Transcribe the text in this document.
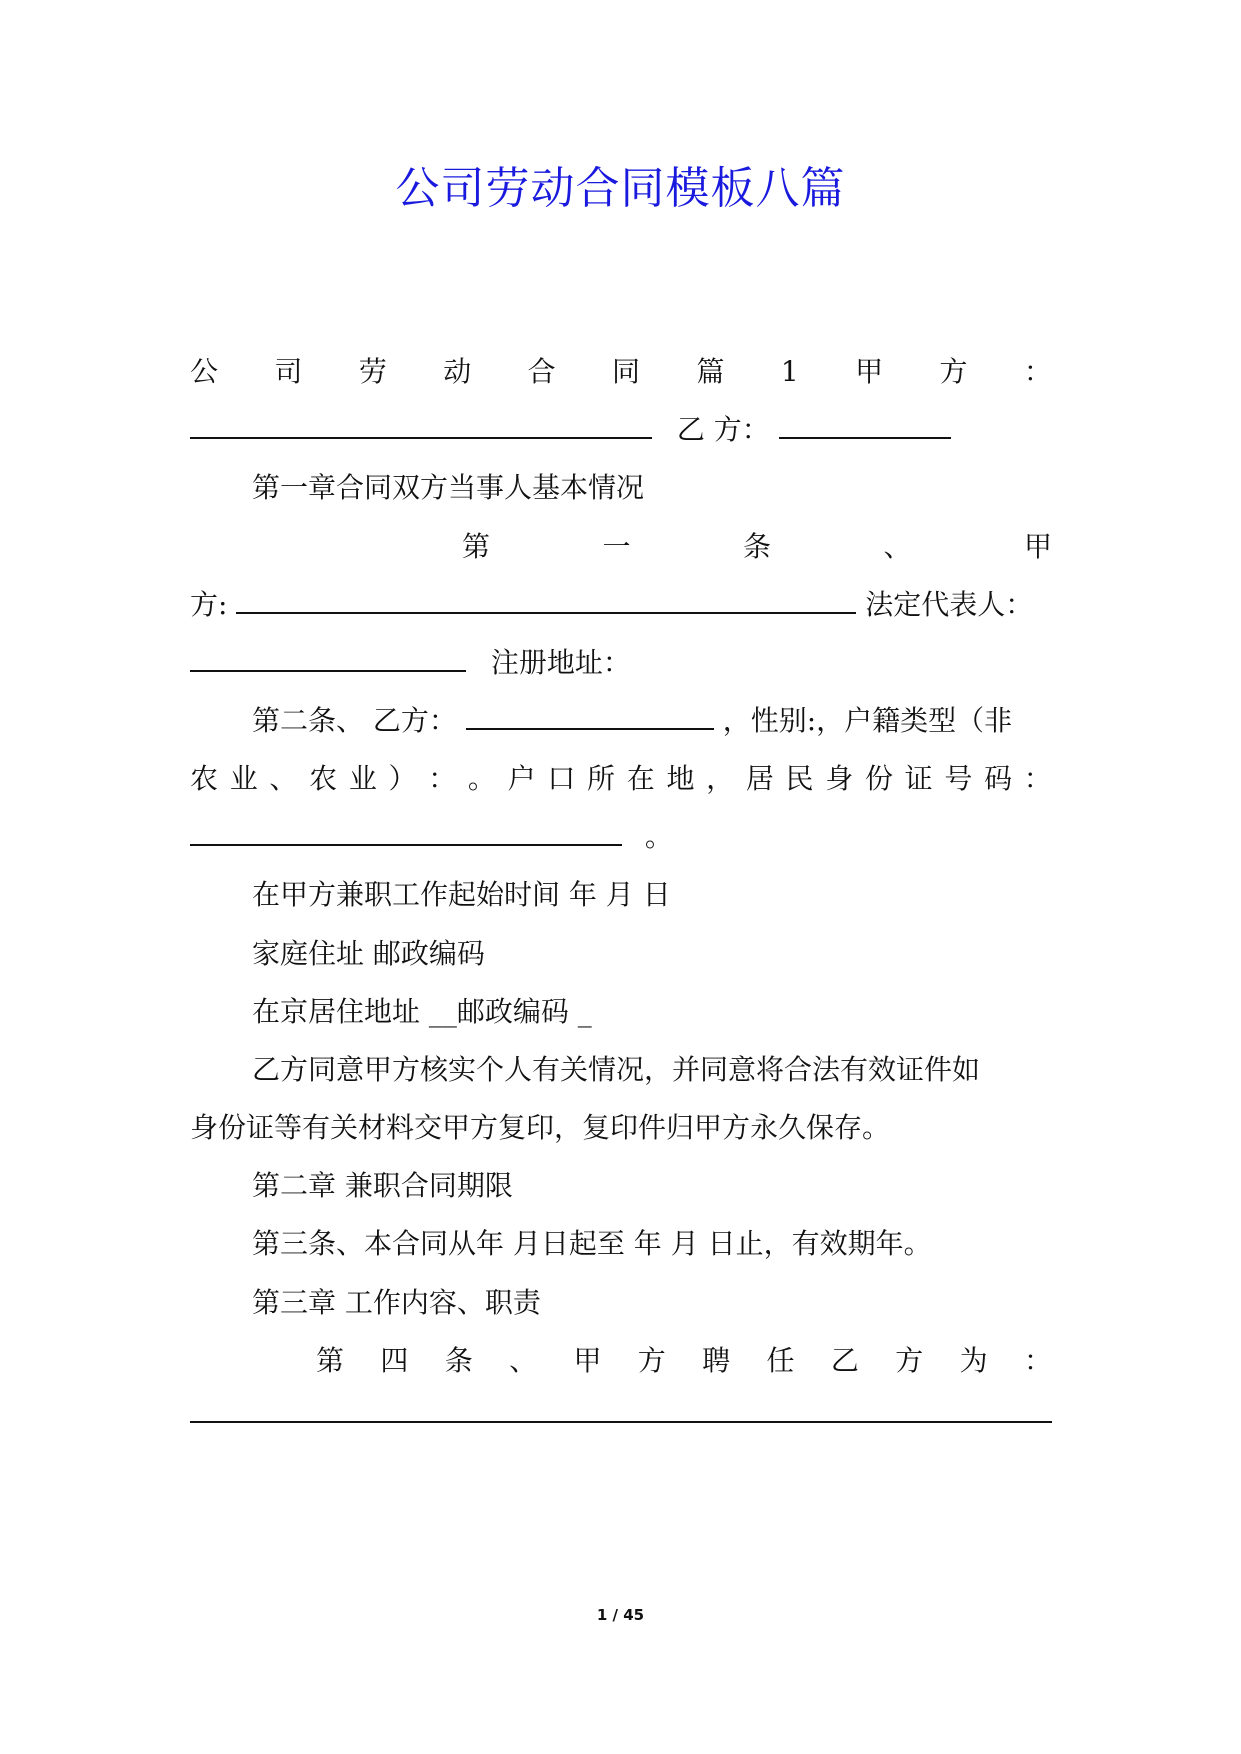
公司劳动合同模板八篇
公 司 劳 动 合 同 篇 1 甲 方 ：
乙 方：
第一章合同双方当事人基本情况
第	一	条	、	甲
方:	法定代表人：
注册地址：
第二条、 乙方：	，性别:，户籍类型（非
农 业 、 农 业 ） ： 。 户 口 所 在 地 ， 居 民 身 份 证 号 码 ：
。
在甲方兼职工作起始时间 年 月 日
家庭住址 邮政编码
在京居住地址 __邮政编码 _
乙方同意甲方核实个人有关情况，并同意将合法有效证件如
身份证等有关材料交甲方复印，复印件归甲方永久保存。
第二章 兼职合同期限
第三条、本合同从年 月日起至 年 月 日止，有效期年。
第三章 工作内容、职责
第 四 条 、 甲 方 聘 任 乙 方 为 ：
1 / 45
